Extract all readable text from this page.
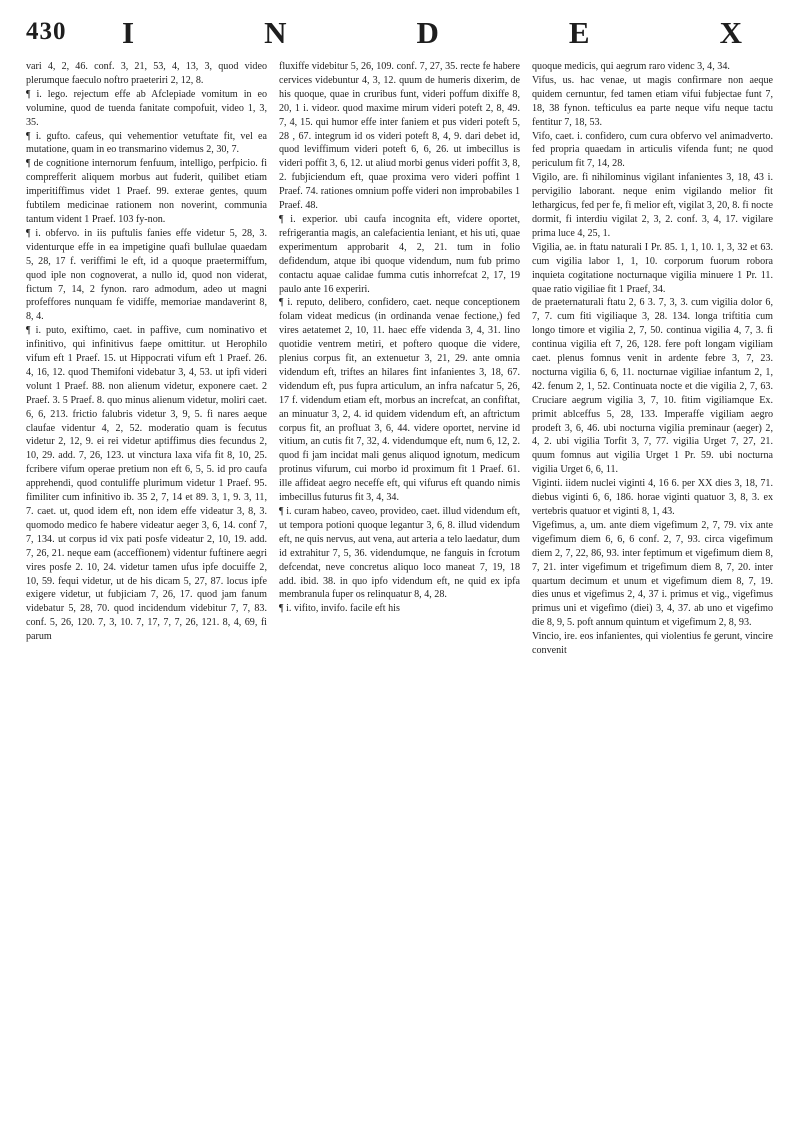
430 I	N	D	E	X

vari 4, 2, 46. conf. 3, 21, 53, 4, 13, 3, quod video plerumque faeculo noftro praeteriri 2, 12, 8.

¶ i. lego. rejectum effe ab Afclepiade vomitum in eo volumine, quod de tuenda fanitate compofuit, video 1, 3, 35.

¶ i. gufto. cafeus, qui vehementior vetuftate fit, vel ea mutatione, quam in eo transmarino videmus 2, 30, 7.

¶ de cognitione internorum fenfuum, intelligo, perfpicio. fi comprefferit aliquem morbus aut fuderit, quilibet etiam imperitiffimus videt 1 Praef. 99. exterae gentes, quum fubtilem medicinae rationem non noverint, communia tantum vident 1 Praef. 103 fy-non.

¶ i. obfervo. in iis puftulis fanies effe videtur 5, 28, 3. videnturque effe in ea impetigine quafi bullulae quaedam 5, 28, 17 f. veriffimi le eft, id a quoque praetermiffum, quod iple non cognoverat, a nullo id, quod non viderat, fictum 7, 14, 2 fynon. raro admodum, adeo ut magni profeffores nunquam fe vidiffe, memoriae mandaverint 8, 8, 4.

¶ i. puto, exiftimo, caet. in paffive, cum nominativo et infinitivo, qui infinitivus faepe omittitur. ut Herophilo vifum eft 1 Praef. 15. ut Hippocrati vifum eft 1 Praef. 26. 4, 16, 12. quod Themifoni videbatur 3, 4, 53. ut ipfi videri volunt 1 Praef. 88. non alienum videtur, exponere caet. 2 Praef. 3. 5 Praef. 8. quo minus alienum videtur, moliri caet. 6, 6, 213. frictio falubris videtur 3, 9, 5. fi nares aeque claufae videntur 4, 2, 52. moderatio quam is fecutus videtur 2, 12, 9. ei rei videtur aptiffimus dies fecundus 2, 10, 29. add. 7, 26, 123. ut vinctura laxa vifa fit 8, 10, 25. fcribere vifum operae pretium non eft 6, 5, 5. id pro caufa apprehendi, quod contuliffe plurimum videtur 1 Praef. 95. fimiliter cum infinitivo ib. 35 2, 7, 14 et 89. 3, 1, 9. 3, 11, 7. caet. ut, quod idem eft, non idem effe videatur 3, 8, 3. quomodo medico fe habere videatur aeger 3, 6, 14. conf 7, 7, 134. ut corpus id vix pati posfe videatur 2, 10, 19. add. 7, 26, 21. neque eam (acceffionem) videntur fuftinere aegri vires posfe 2. 10, 24. videtur tamen ufus ipfe docuiffe 2, 10, 59. fequi videtur, ut de his dicam 5, 27, 87. locus ipfe exigere videtur, ut fubjiciam 7, 26, 17. quod jam fanum videbatur 5, 28, 70. quod incidendum videbitur 7, 7, 83. conf. 5, 26, 120. 7, 3, 10. 7, 17, 7, 7, 26, 121. 8, 4, 69, fi parum

fluxiffe videbitur 5, 26, 109. conf. 7, 27, 35. recte fe habere cervices videbuntur 4, 3, 12. quum de humeris dixerim, de his quoque, quae in cruribus funt, videri poffum dixiffe 8, 20, 1 i. videor. quod maxime mirum videri poteft 2, 8, 49. 7, 4, 15. qui humor effe inter faniem et pus videri poteft 5, 28 , 67. integrum id os videri poteft 8, 4, 9. dari debet id, quod leviffimum videri poteft 6, 6, 26. ut imbecillus is videri poffit 3, 6, 12. ut aliud morbi genus videri poffit 3, 8, 2. fubjiciendum eft, quae proxima vero videri poffint 1 Praef. 74. rationes omnium poffe videri non improbabiles 1 Praef. 48.

¶ i. experior. ubi caufa incognita eft, videre oportet, refrigerantia magis, an calefacientia leniant, et his uti, quae experimentum approbarit 4, 2, 21. tum in folio defidendum, atque ibi quoque videndum, num fub primo contactu aquae calidae fumma cutis inhorrefcat 2, 17, 19 paulo ante 16 experiri.

¶ i. reputo, delibero, confidero, caet. neque conceptionem folam videat medicus (in ordinanda venae fectione,) fed vires aetatemet 2, 10, 11. haec effe videnda 3, 4, 31. lino quotidie ventrem metiri, et poftero quoque die videre, plenius corpus fit, an extenuetur 3, 21, 29. ante omnia videndum eft, triftes an hilares fint infanientes 3, 18, 67. videndum eft, pus fupra articulum, an infra nafcatur 5, 26, 17 f. videndum etiam eft, morbus an increfcat, an confiftat, an minuatur 3, 2, 4. id quidem videndum eft, an aftrictum corpus fit, an profluat 3, 6, 44. videre oportet, nervine id vitium, an cutis fit 7, 32, 4. videndumque eft, num 6, 12, 2. quod fi jam incidat mali genus aliquod ignotum, medicum protinus vifurum, cui morbo id proximum fit 1 Praef. 61. ille affideat aegro neceffe eft, qui vifurus eft quando nimis imbecillus futurus fit 3, 4, 34.

¶ i. curam habeo, caveo, provideo, caet. illud videndum eft, ut tempora potioni quoque legantur 3, 6, 8. illud videndum eft, ne quis nervus, aut vena, aut arteria a telo laedatur, dum id extrahitur 7, 5, 36. videndumque, ne fanguis in fcrotum defcendat, neve concretus aliquo loco maneat 7, 19, 18 add. ibid. 38. in quo ipfo videndum eft, ne quid ex ipfa membranula fuper os relinquatur 8, 4, 28.

¶ i. vifito, invifo. facile eft his

quoque medicis, qui aegrum raro videnc 3, 4, 34.

Vifus, us. hac venae, ut magis confirmare non aeque quidem cernuntur, fed tamen etiam vifui fubjectae funt 7, 18, 38 fynon. tefticulus ea parte neque vifu neque tactu fentitur 7, 18, 53.

Vifo, caet. i. confidero, cum cura obfervo vel animadverto. fed propria quaedam in articulis vifenda funt; ne quod periculum fit 7, 14, 28.

Vigilo, are. fi nihilominus vigilant infanientes 3, 18, 43 i. pervigilio laborant. neque enim vigilando melior fit lethargicus, fed per fe, fi melior eft, vigilat 3, 20, 8. fi nocte dormit, fi interdiu vigilat 2, 3, 2. conf. 3, 4, 17. vigilare prima luce 4, 25, 1.

Vigilia, ae. in ftatu naturali I Pr. 85. 1, 1, 10. 1, 3, 32 et 63. cum vigilia labor 1, 1, 10. corporum fuorum robora inquieta cogitatione nocturnaque vigilia minuere 1 Pr. 11. quae ratio vigiliae fit 1 Praef, 34.

de praeternaturali ftatu 2, 6 3. 7, 3, 3. cum vigilia dolor 6, 7, 7. cum fiti vigiliaque 3, 28. 134. longa triftitia cum longo timore et vigilia 2, 7, 50. continua vigilia 4, 7, 3. fi continua vigilia eft 7, 26, 128. fere poft longam vigiliam caet. plenus fomnus venit in ardente febre 3, 7, 23. nocturna vigilia 6, 6, 11. nocturnae vigiliae infantum 2, 1, 42. fenum 2, 1, 52. Continuata nocte et die vigilia 2, 7, 63. Cruciare aegrum vigilia 3, 7, 10. fitim vigiliamque Ex. primit ablceffus 5, 28, 133. Imperaffe vigiliam aegro prodeft 3, 6, 46. ubi nocturna vigilia preminaur (aeger) 2, 4, 2. ubi vigilia Torfit 3, 7, 77. vigilia Urget 7, 27, 21. quum fomnus aut vigilia Urget 1 Pr. 59. ubi nocturna vigilia Urget 6, 6, 11.

Viginti. iidem nuclei viginti 4, 16 6. per XX dies 3, 18, 71. diebus viginti 6, 6, 186. horae viginti quatuor 3, 8, 3. ex vertebris quatuor et viginti 8, 1, 43.

Vigefimus, a, um. ante diem vigefimum 2, 7, 79. vix ante vigefimum diem 6, 6, 6 conf. 2, 7, 93. circa vigefimum diem 2, 7, 22, 86, 93. inter feptimum et vigefimum diem 8, 7, 21. inter vigefimum et trigefimum diem 8, 7, 20. inter quartum decimum et unum et vigefimum diem 8, 7, 19. dies unus et vigefimus 2, 4, 37 i. primus et vig., vigefimus primus uni et vigefimo (diei) 3, 4, 37. ab uno et vigefimo die 8, 9, 5. poft annum quintum et vigefimum 2, 8, 93.

Vincio, ire. eos infanientes, qui violentius fe gerunt, vincire convenit
